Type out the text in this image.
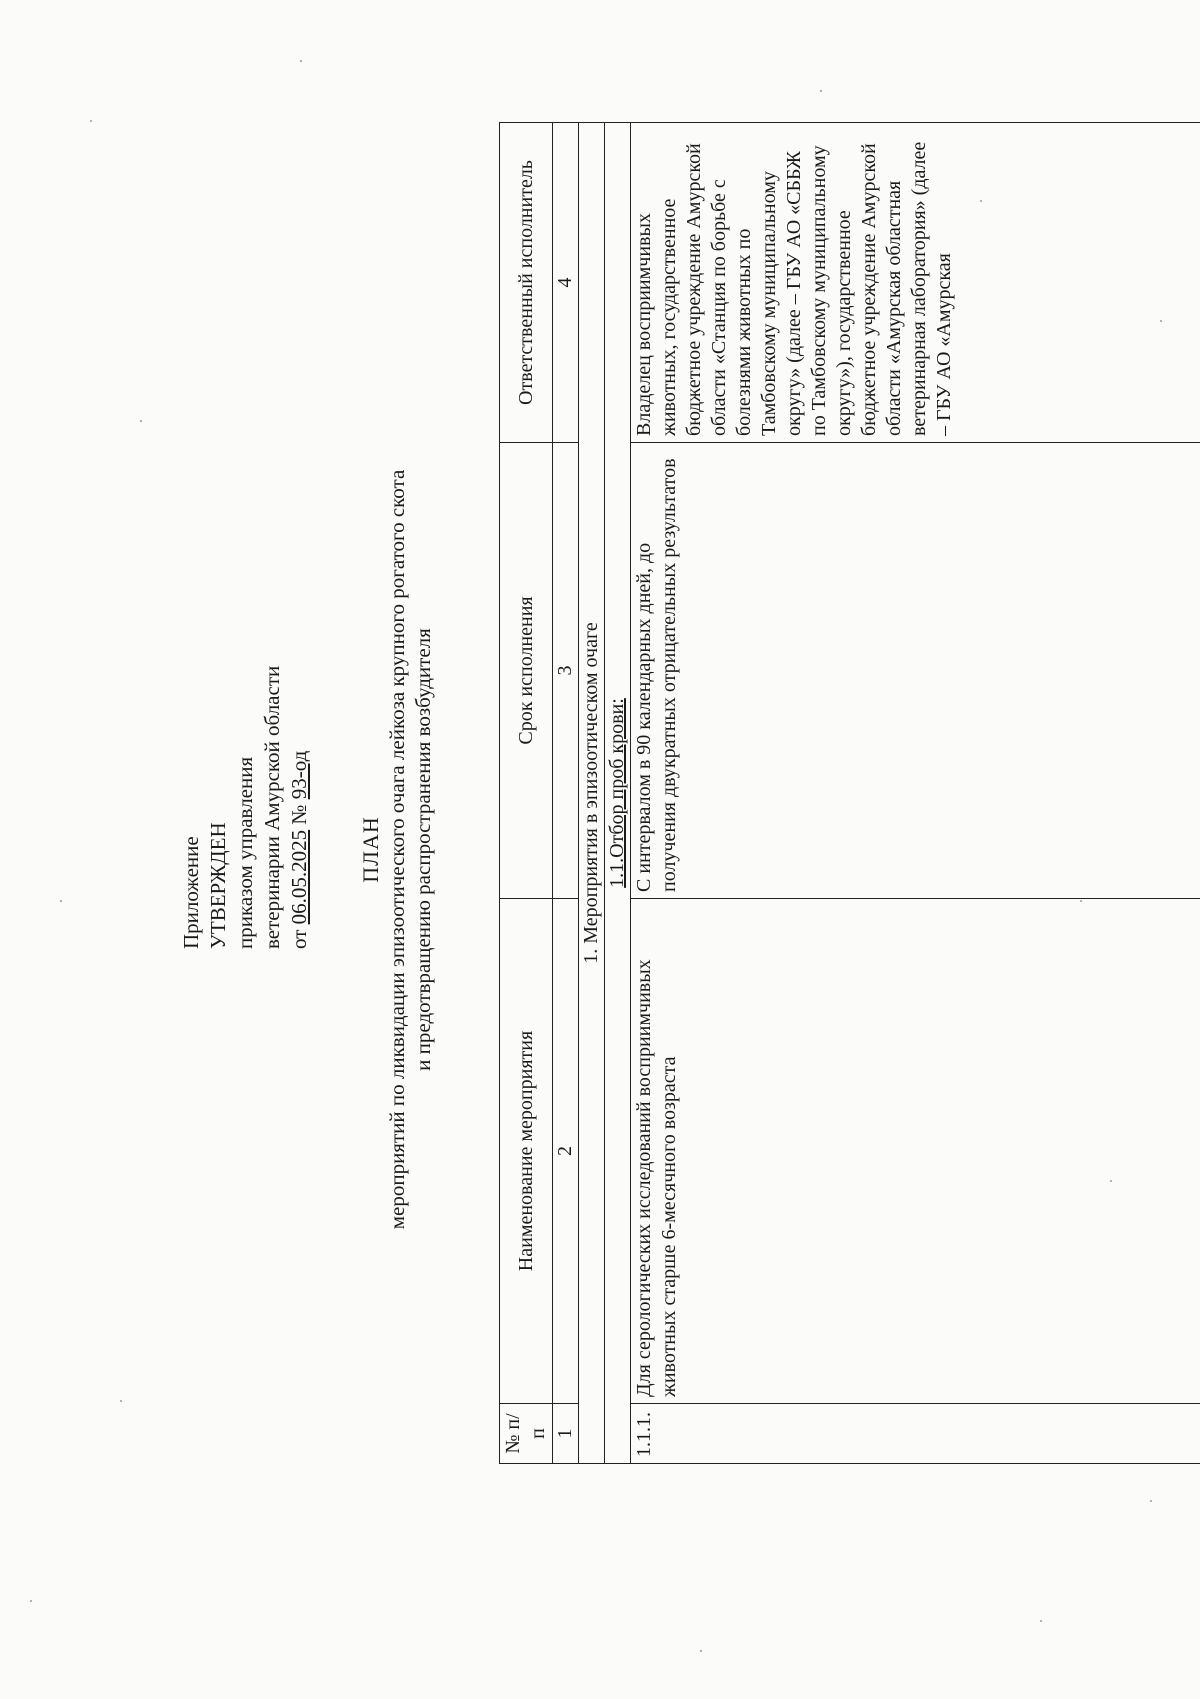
Приложение УТВЕРЖДЕН приказом управления ветеринарии Амурской области от 06.05.2025 № 93-од
ПЛАН мероприятий по ликвидации эпизоотического очага лейкоза крупного рогатого скота и предотвращению распространения возбудителя
№ п/п	Наименование мероприятия	Срок исполнения	Ответственный исполнитель
1	2	3	4
1. Мероприятия в эпизоотическом очаге			
1.1.Отбор проб крови:			
1.1.1.	Для серологических исследований восприимчивых животных старше 6-месячного возраста	С интервалом в 90 календарных дней, до получения двукратных отрицательных результатов	Владелец восприимчивых животных, государственное бюджетное учреждение Амурской области «Станция по борьбе с болезнями животных по Тамбовскому муниципальному округу» (далее – ГБУ АО «СББЖ по Тамбовскому муниципальному округу»), государственное бюджетное учреждение Амурской области «Амурская областная ветеринарная лаборатория» (далее – ГБУ АО «Амурская
